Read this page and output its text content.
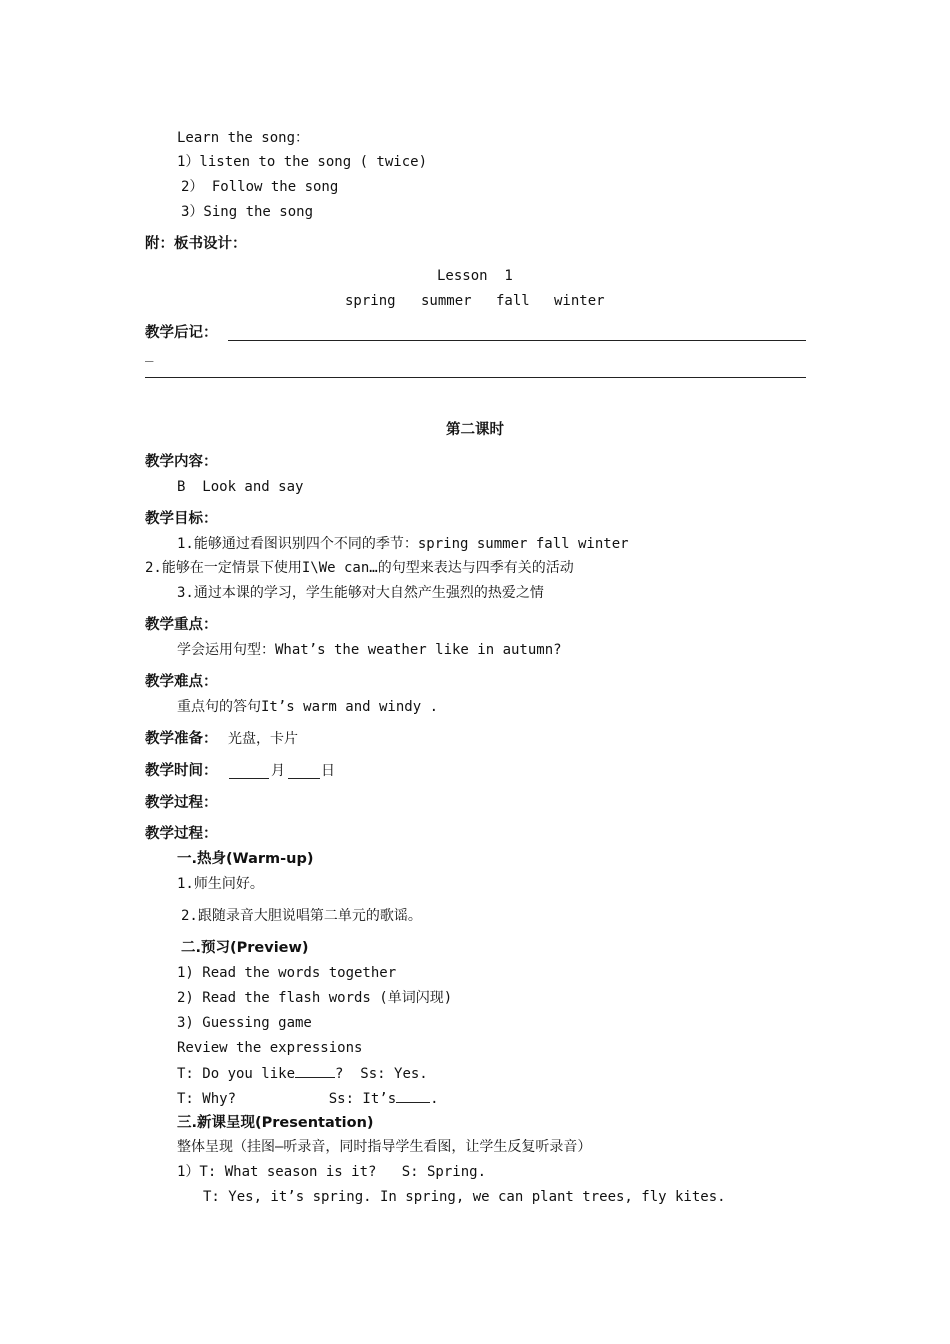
Learn the song：
1）listen to the song ( twice)
2） Follow the song
3）Sing the song
附：板书设计：
Lesson  1
spring summer fall winter
教学后记：
_
第二课时
教学内容：
B  Look and say
教学目标：
1.能够通过看图识别四个不同的季节：spring summer fall winter
2.能够在一定情景下使用I\We can…的句型来表达与四季有关的活动
3.通过本课的学习，学生能够对大自然产生强烈的热爱之情
教学重点：
学会运用句型：What’s the weather like in autumn?
教学难点：
重点句的答句It’s warm and windy .
教学准备： 光盘，卡片
教学时间：	月	日
教学过程：
教学过程：
一.热身(Warm-up)
1.师生问好。
2.跟随录音大胆说唱第二单元的歌谣。
二.预习(Preview)
1) Read the words together
2) Read the flash words (单词闪现)
3) Guessing game
Review the expressions
T: Do you like	?  Ss: Yes.
T: Why?           Ss: It’s .
三.新课呈现(Presentation)
整体呈现（挂图—听录音，同时指导学生看图，让学生反复听录音）
1）T: What season is it?   S: Spring.
T: Yes, it’s spring. In spring, we can plant trees, fly kites.
